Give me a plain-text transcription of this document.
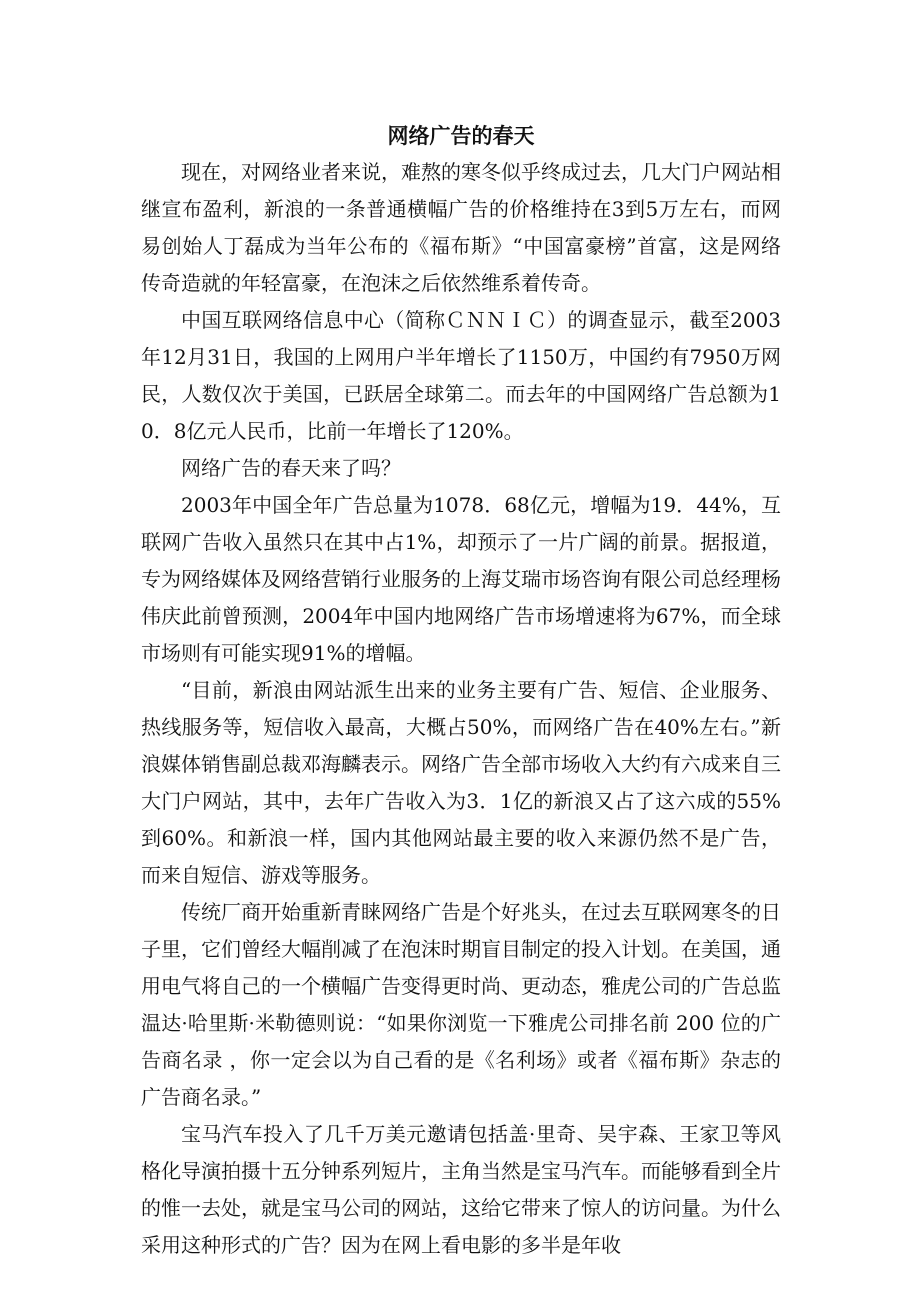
网络广告的春天

现在，对网络业者来说，难熬的寒冬似乎终成过去，几大门户网站相继宣布盈利，新浪的一条普通横幅广告的价格维持在3到5万左右，而网易创始人丁磊成为当年公布的《福布斯》“中国富豪榜”首富，这是网络传奇造就的年轻富豪，在泡沫之后依然维系着传奇。

中国互联网络信息中心（简称ＣＮＮＩＣ）的调查显示，截至2003年12月31日，我国的上网用户半年增长了1150万，中国约有7950万网民，人数仅次于美国，已跃居全球第二。而去年的中国网络广告总额为10．8亿元人民币，比前一年增长了120%。

网络广告的春天来了吗？

2003年中国全年广告总量为1078．68亿元，增幅为19．44%，互联网广告收入虽然只在其中占1%，却预示了一片广阔的前景。据报道，专为网络媒体及网络营销行业服务的上海艾瑞市场咨询有限公司总经理杨伟庆此前曾预测，2004年中国内地网络广告市场增速将为67%，而全球市场则有可能实现91%的增幅。

“目前，新浪由网站派生出来的业务主要有广告、短信、企业服务、热线服务等，短信收入最高，大概占50%，而网络广告在40%左右。”新浪媒体销售副总裁邓海麟表示。网络广告全部市场收入大约有六成来自三大门户网站，其中，去年广告收入为3．1亿的新浪又占了这六成的55%到60%。和新浪一样，国内其他网站最主要的收入来源仍然不是广告，而来自短信、游戏等服务。

传统厂商开始重新青睐网络广告是个好兆头，在过去互联网寒冬的日子里，它们曾经大幅削减了在泡沫时期盲目制定的投入计划。在美国，通用电气将自己的一个横幅广告变得更时尚、更动态，雅虎公司的广告总监温达·哈里斯·米勒德则说：“如果你浏览一下雅虎公司排名前 200 位的广告商名录 ，你一定会以为自己看的是《名利场》或者《福布斯》杂志的广告商名录。”

宝马汽车投入了几千万美元邀请包括盖·里奇、吴宇森、王家卫等风格化导演拍摄十五分钟系列短片，主角当然是宝马汽车。而能够看到全片的惟一去处，就是宝马公司的网站，这给它带来了惊人的访问量。为什么采用这种形式的广告？因为在网上看电影的多半是年收
